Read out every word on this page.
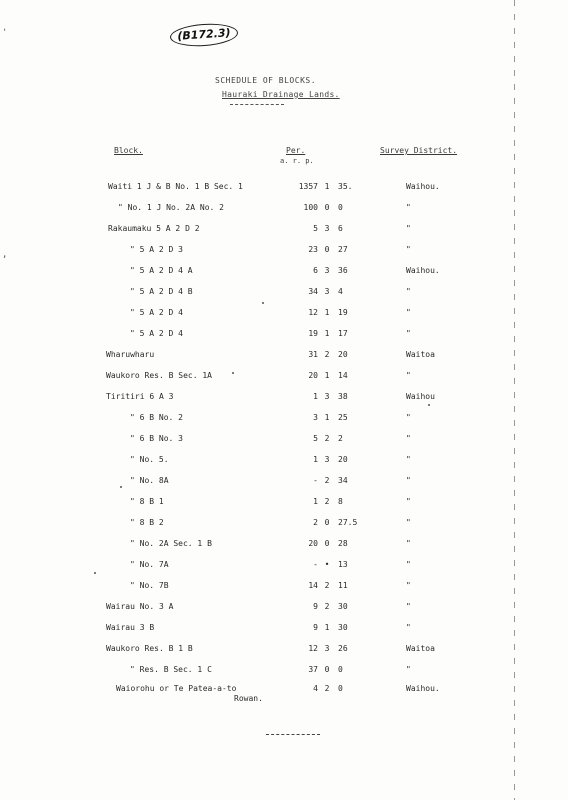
'
,
(B172.3)
SCHEDULE OF BLOCKS.
Hauraki Drainage Lands.
Block.	Per.
a. r. p.
Survey District.
Waiti 1 J & B No. 1 B Sec. 1	1357 1	35.	Waihou.
" No. 1 J No. 2A No. 2	100 0	0	"
Rakaumaku 5 A 2 D 2	5 3	6	"
" 5 A 2 D 3	23 0	27	"
" 5 A 2 D 4 A	6 3	36	Waihou.
" 5 A 2 D 4 B	34 3	4	"
" 5 A 2 D 4	12 1	19	"
" 5 A 2 D 4	19 1	17	"
Wharuwharu	31 2	20	Waitoa
Waukoro Res. B Sec. 1A	20 1	14	"
Tiritiri 6 A 3	1 3	38	Waihou
" 6 B No. 2	3 1	25	"
" 6 B No. 3	5 2	2	"
" No. 5.	1 3	20	"
" No. 8A	- 2	34	"
" 8 B 1	1 2	8	"
" 8 B 2	2 0	27.5	"
" No. 2A Sec. 1 B	20 0	28	"
" No. 7A	- •	13	"
" No. 7B	14 2	11	"
Wairau No. 3 A	9 2	30	"
Wairau 3 B	9 1	30	"
Waukoro Res. B 1 B	12 3	26	Waitoa
" Res. B Sec. 1 C	37 0	0	"
Waiorohu or Te Patea-a-to	4 2	0	Waihou.
Rowan.
